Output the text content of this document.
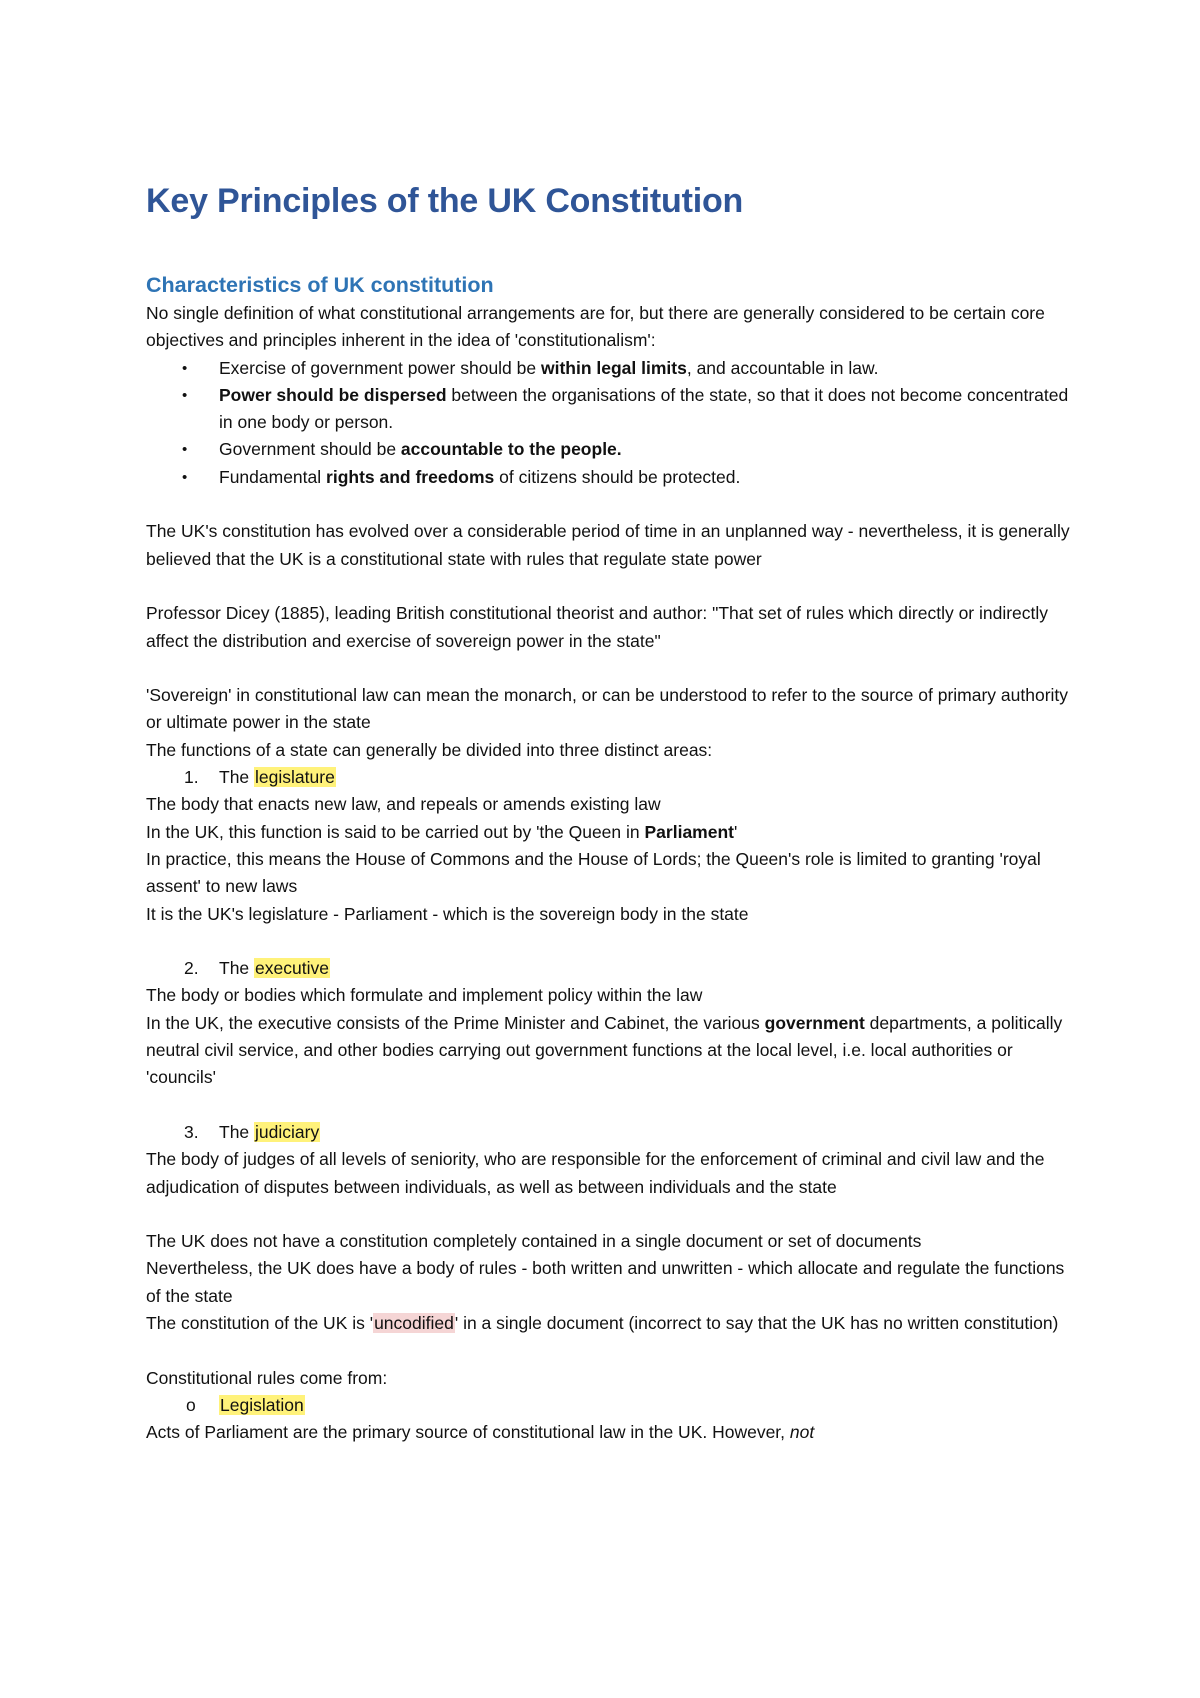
Key Principles of the UK Constitution
Characteristics of UK constitution

No single definition of what constitutional arrangements are for, but there are generally considered to be certain core objectives and principles inherent in the idea of 'constitutionalism':

• Exercise of government power should be within legal limits, and accountable in law.
• Power should be dispersed between the organisations of the state, so that it does not become concentrated in one body or person.
• Government should be accountable to the people.
• Fundamental rights and freedoms of citizens should be protected.

The UK's constitution has evolved over a considerable period of time in an unplanned way - nevertheless, it is generally believed that the UK is a constitutional state with rules that regulate state power

Professor Dicey (1885), leading British constitutional theorist and author: "That set of rules which directly or indirectly affect the distribution and exercise of sovereign power in the state"

'Sovereign' in constitutional law can mean the monarch, or can be understood to refer to the source of primary authority or ultimate power in the state

The functions of a state can generally be divided into three distinct areas:

1. The legislature

The body that enacts new law, and repeals or amends existing law

In the UK, this function is said to be carried out by 'the Queen in Parliament'

In practice, this means the House of Commons and the House of Lords; the Queen's role is limited to granting 'royal assent' to new laws

It is the UK's legislature - Parliament - which is the sovereign body in the state

2. The executive

The body or bodies which formulate and implement policy within the law

In the UK, the executive consists of the Prime Minister and Cabinet, the various government departments, a politically neutral civil service, and other bodies carrying out government functions at the local level, i.e. local authorities or 'councils'

3. The judiciary

The body of judges of all levels of seniority, who are responsible for the enforcement of criminal and civil law and the adjudication of disputes between individuals, as well as between individuals and the state

The UK does not have a constitution completely contained in a single document or set of documents

Nevertheless, the UK does have a body of rules - both written and unwritten - which allocate and regulate the functions of the state

The constitution of the UK is 'uncodified' in a single document (incorrect to say that the UK has no written constitution)

Constitutional rules come from:

o Legislation

Acts of Parliament are the primary source of constitutional law in the UK. However, not
